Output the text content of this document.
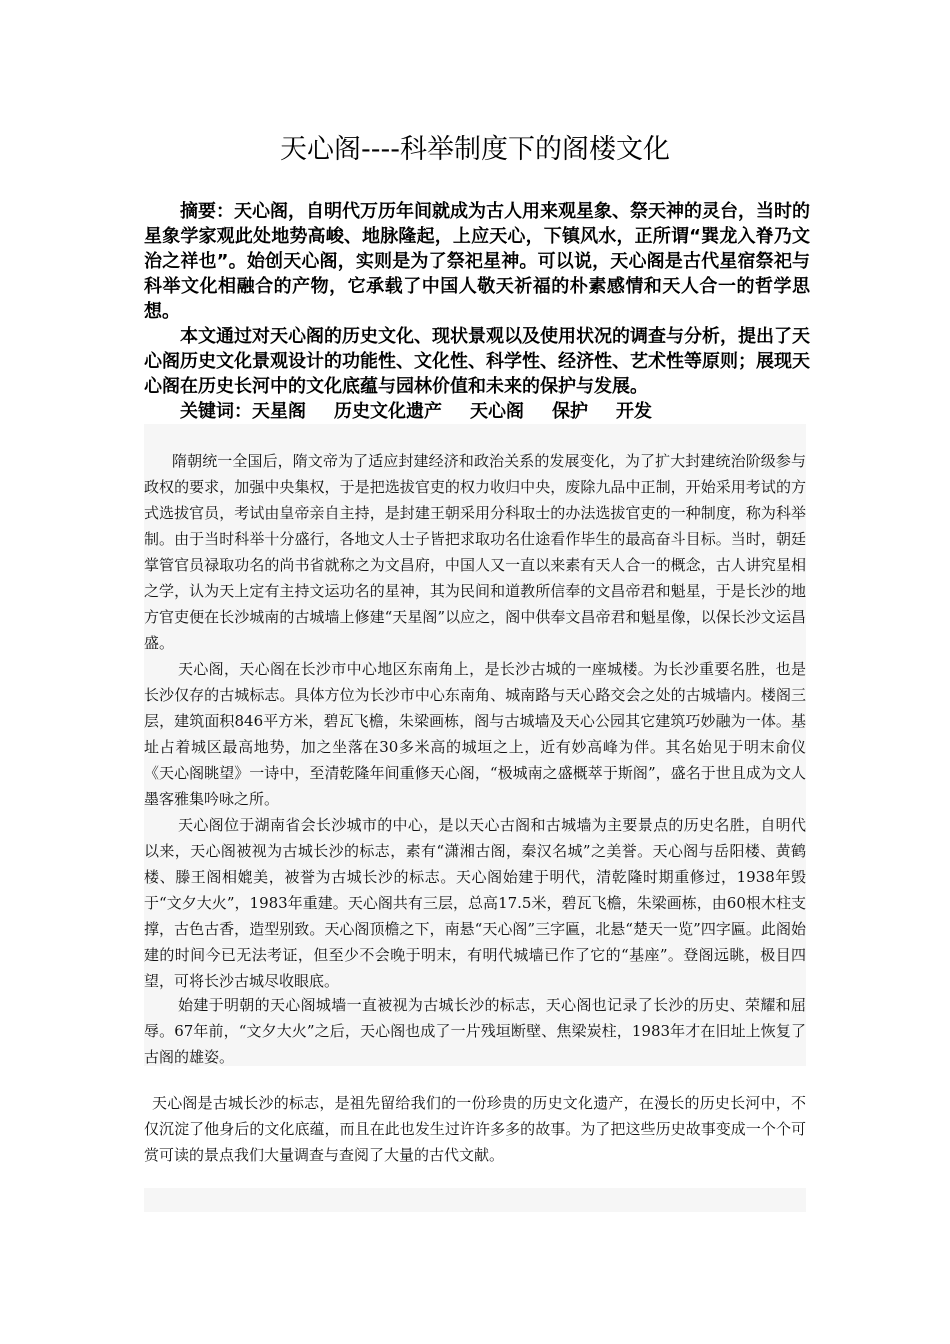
天心阁----科举制度下的阁楼文化

摘要：天心阁，自明代万历年间就成为古人用来观星象、祭天神的灵台，当时的星象学家观此处地势高峻、地脉隆起，上应天心，下镇风水，正所谓“巽龙入脊乃文治之祥也”。始创天心阁，实则是为了祭祀星神。可以说，天心阁是古代星宿祭祀与科举文化相融合的产物，它承载了中国人敬天祈福的朴素感情和天人合一的哲学思想。

本文通过对天心阁的历史文化、现状景观以及使用状况的调查与分析，提出了天心阁历史文化景观设计的功能性、文化性、科学性、经济性、艺术性等原则；展现天心阁在历史长河中的文化底蕴与园林价值和未来的保护与发展。

关键词：天星阁 历史文化遗产 天心阁 保护 开发

隋朝统一全国后，隋文帝为了适应封建经济和政治关系的发展变化，为了扩大封建统治阶级参与政权的要求，加强中央集权，于是把选拔官吏的权力收归中央，废除九品中正制，开始采用考试的方式选拔官员，考试由皇帝亲自主持，是封建王朝采用分科取士的办法选拔官吏的一种制度，称为科举制。由于当时科举十分盛行，各地文人士子皆把求取功名仕途看作毕生的最高奋斗目标。当时，朝廷掌管官员禄取功名的尚书省就称之为文昌府，中国人又一直以来素有天人合一的概念，古人讲究星相之学，认为天上定有主持文运功名的星神，其为民间和道教所信奉的文昌帝君和魁星，于是长沙的地方官吏便在长沙城南的古城墙上修建“天星阁”以应之，阁中供奉文昌帝君和魁星像，以保长沙文运昌盛。

天心阁，天心阁在长沙市中心地区东南角上，是长沙古城的一座城楼。为长沙重要名胜，也是长沙仅存的古城标志。具体方位为长沙市中心东南角、城南路与天心路交会之处的古城墙内。楼阁三层，建筑面积846平方米，碧瓦飞檐，朱梁画栋，阁与古城墙及天心公园其它建筑巧妙融为一体。基址占着城区最高地势，加之坐落在30多米高的城垣之上，近有妙高峰为伴。其名始见于明末俞仪《天心阁眺望》一诗中，至清乾隆年间重修天心阁，“极城南之盛概萃于斯阁”，盛名于世且成为文人墨客雅集吟咏之所。

天心阁位于湖南省会长沙城市的中心，是以天心古阁和古城墙为主要景点的历史名胜，自明代以来，天心阁被视为古城长沙的标志，素有“潇湘古阁，秦汉名城”之美誉。天心阁与岳阳楼、黄鹤楼、滕王阁相媲美，被誉为古城长沙的标志。天心阁始建于明代，清乾隆时期重修过，1938年毁于“文夕大火”，1983年重建。天心阁共有三层，总高17.5米，碧瓦飞檐，朱梁画栋，由60根木柱支撑，古色古香，造型别致。天心阁顶檐之下，南悬“天心阁”三字匾，北悬“楚天一览”四字匾。此阁始建的时间今已无法考证，但至少不会晚于明末，有明代城墙已作了它的“基座”。登阁远眺，极目四望，可将长沙古城尽收眼底。

始建于明朝的天心阁城墙一直被视为古城长沙的标志，天心阁也记录了长沙的历史、荣耀和屈辱。67年前，“文夕大火”之后，天心阁也成了一片残垣断壁、焦梁炭柱，1983年才在旧址上恢复了古阁的雄姿。

天心阁是古城长沙的标志，是祖先留给我们的一份珍贵的历史文化遗产，在漫长的历史长河中，不仅沉淀了他身后的文化底蕴，而且在此也发生过许许多多的故事。为了把这些历史故事变成一个个可赏可读的景点我们大量调查与查阅了大量的古代文献。
